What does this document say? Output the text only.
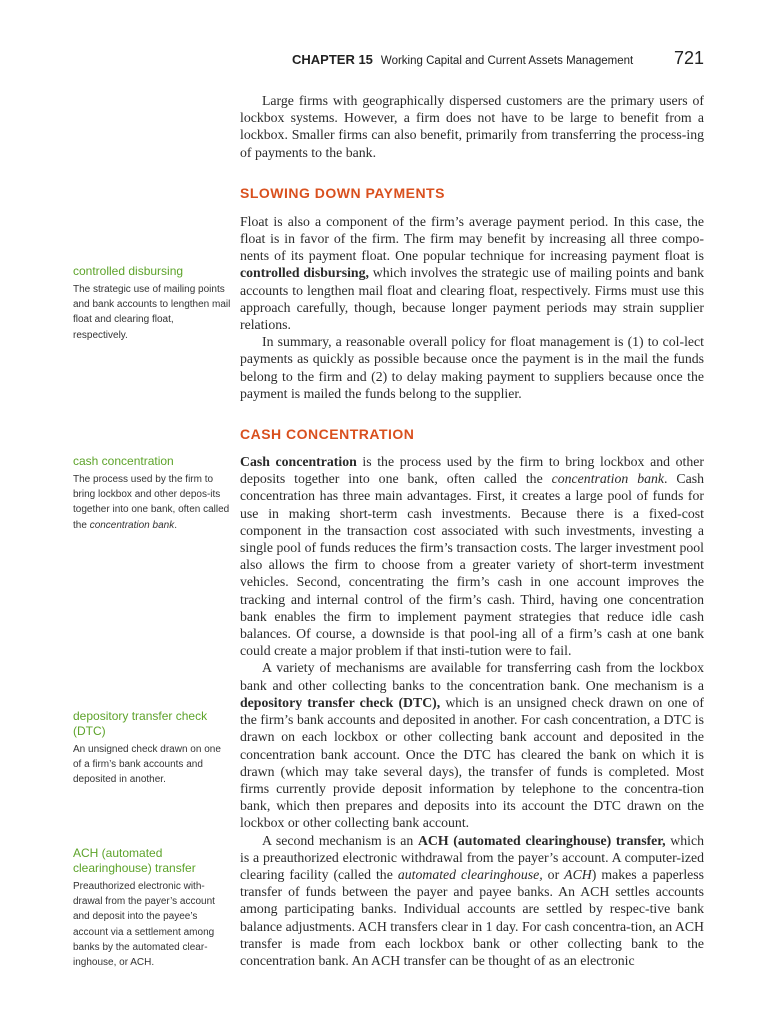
CHAPTER 15 Working Capital and Current Assets Management 721

Large firms with geographically dispersed customers are the primary users of lockbox systems. However, a firm does not have to be large to benefit from a lockbox. Smaller firms can also benefit, primarily from transferring the process-ing of payments to the bank.

SLOWING DOWN PAYMENTS

Float is also a component of the firm’s average payment period. In this case, the float is in favor of the firm. The firm may benefit by increasing all three compo-nents of its payment float. One popular technique for increasing payment float is controlled disbursing, which involves the strategic use of mailing points and bank accounts to lengthen mail float and clearing float, respectively. Firms must use this approach carefully, though, because longer payment periods may strain supplier relations.

In summary, a reasonable overall policy for float management is (1) to col-lect payments as quickly as possible because once the payment is in the mail the funds belong to the firm and (2) to delay making payment to suppliers because once the payment is mailed the funds belong to the supplier.

CASH CONCENTRATION

Cash concentration is the process used by the firm to bring lockbox and other deposits together into one bank, often called the concentration bank. Cash concentration has three main advantages. First, it creates a large pool of funds for use in making short-term cash investments. Because there is a fixed-cost component in the transaction cost associated with such investments, investing a single pool of funds reduces the firm’s transaction costs. The larger investment pool also allows the firm to choose from a greater variety of short-term investment vehicles. Second, concentrating the firm’s cash in one account improves the tracking and internal control of the firm’s cash. Third, having one concentration bank enables the firm to implement payment strategies that reduce idle cash balances. Of course, a downside is that pool-ing all of a firm’s cash at one bank could create a major problem if that insti-tution were to fail.

A variety of mechanisms are available for transferring cash from the lockbox bank and other collecting banks to the concentration bank. One mechanism is a depository transfer check (DTC), which is an unsigned check drawn on one of the firm’s bank accounts and deposited in another. For cash concentration, a DTC is drawn on each lockbox or other collecting bank account and deposited in the concentration bank account. Once the DTC has cleared the bank on which it is drawn (which may take several days), the transfer of funds is completed. Most firms currently provide deposit information by telephone to the concentra-tion bank, which then prepares and deposits into its account the DTC drawn on the lockbox or other collecting bank account.

A second mechanism is an ACH (automated clearinghouse) transfer, which is a preauthorized electronic withdrawal from the payer’s account. A computer-ized clearing facility (called the automated clearinghouse, or ACH) makes a paperless transfer of funds between the payer and payee banks. An ACH settles accounts among participating banks. Individual accounts are settled by respec-tive bank balance adjustments. ACH transfers clear in 1 day. For cash concentra-tion, an ACH transfer is made from each lockbox bank or other collecting bank to the concentration bank. An ACH transfer can be thought of as an electronic

controlled disbursing
The strategic use of mailing points and bank accounts to lengthen mail float and clearing float, respectively.
cash concentration
The process used by the firm to bring lockbox and other depos-its together into one bank, often called the concentration bank.
depository transfer check (DTC)
An unsigned check drawn on one of a firm’s bank accounts and deposited in another.
ACH (automated clearinghouse) transfer
Preauthorized electronic with-drawal from the payer’s account and deposit into the payee’s account via a settlement among banks by the automated clear-inghouse, or ACH.
